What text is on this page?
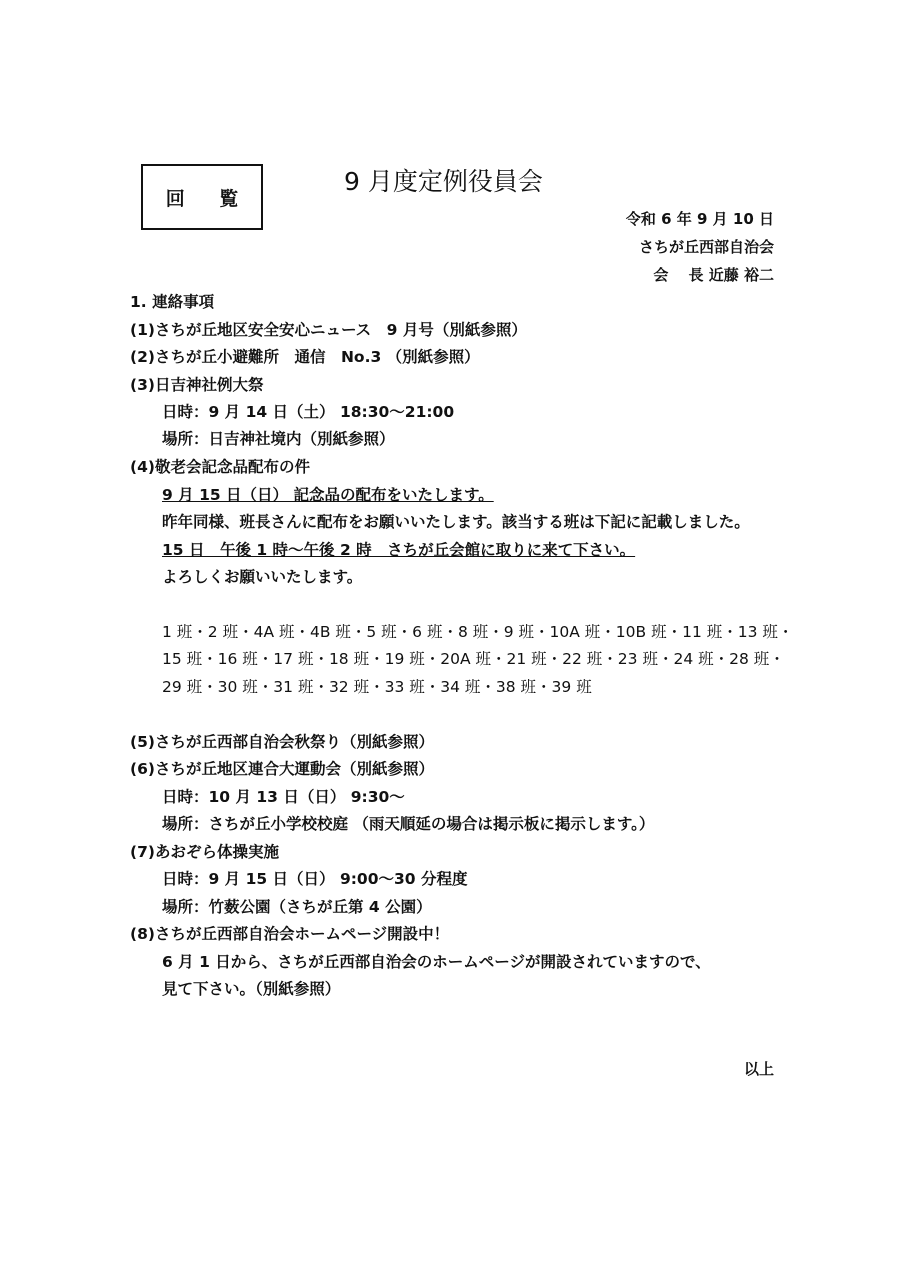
回 覧
9 月度定例役員会
令和 6 年 9 月 10 日
さちが丘西部自治会
会　 長 近藤 裕二
1. 連絡事項
(1)さちが丘地区安全安心ニュース　9 月号（別紙参照）
(2)さちが丘小避難所　通信　No.3 （別紙参照）
(3)日吉神社例大祭
日時：9 月 14 日（土） 18:30～21:00
場所：日吉神社境内（別紙参照）
(4)敬老会記念品配布の件
9 月 15 日（日） 記念品の配布をいたします。
昨年同様、班長さんに配布をお願いいたします。該当する班は下記に記載しました。
15 日　午後 1 時～午後 2 時　さちが丘会館に取りに来て下さい。
よろしくお願いいたします。
1 班・2 班・4A 班・4B 班・5 班・6 班・8 班・9 班・10A 班・10B 班・11 班・13 班・
15 班・16 班・17 班・18 班・19 班・20A 班・21 班・22 班・23 班・24 班・28 班・
29 班・30 班・31 班・32 班・33 班・34 班・38 班・39 班
(5)さちが丘西部自治会秋祭り（別紙参照）
(6)さちが丘地区連合大運動会（別紙参照）
日時：10 月 13 日（日） 9:30～
場所：さちが丘小学校校庭 （雨天順延の場合は掲示板に掲示します。）
(7)あおぞら体操実施
日時：9 月 15 日（日） 9:00～30 分程度
場所：竹薮公園（さちが丘第 4 公園）
(8)さちが丘西部自治会ホームページ開設中！
6 月 1 日から、さちが丘西部自治会のホームページが開設されていますので、
見て下さい。（別紙参照）
以上
